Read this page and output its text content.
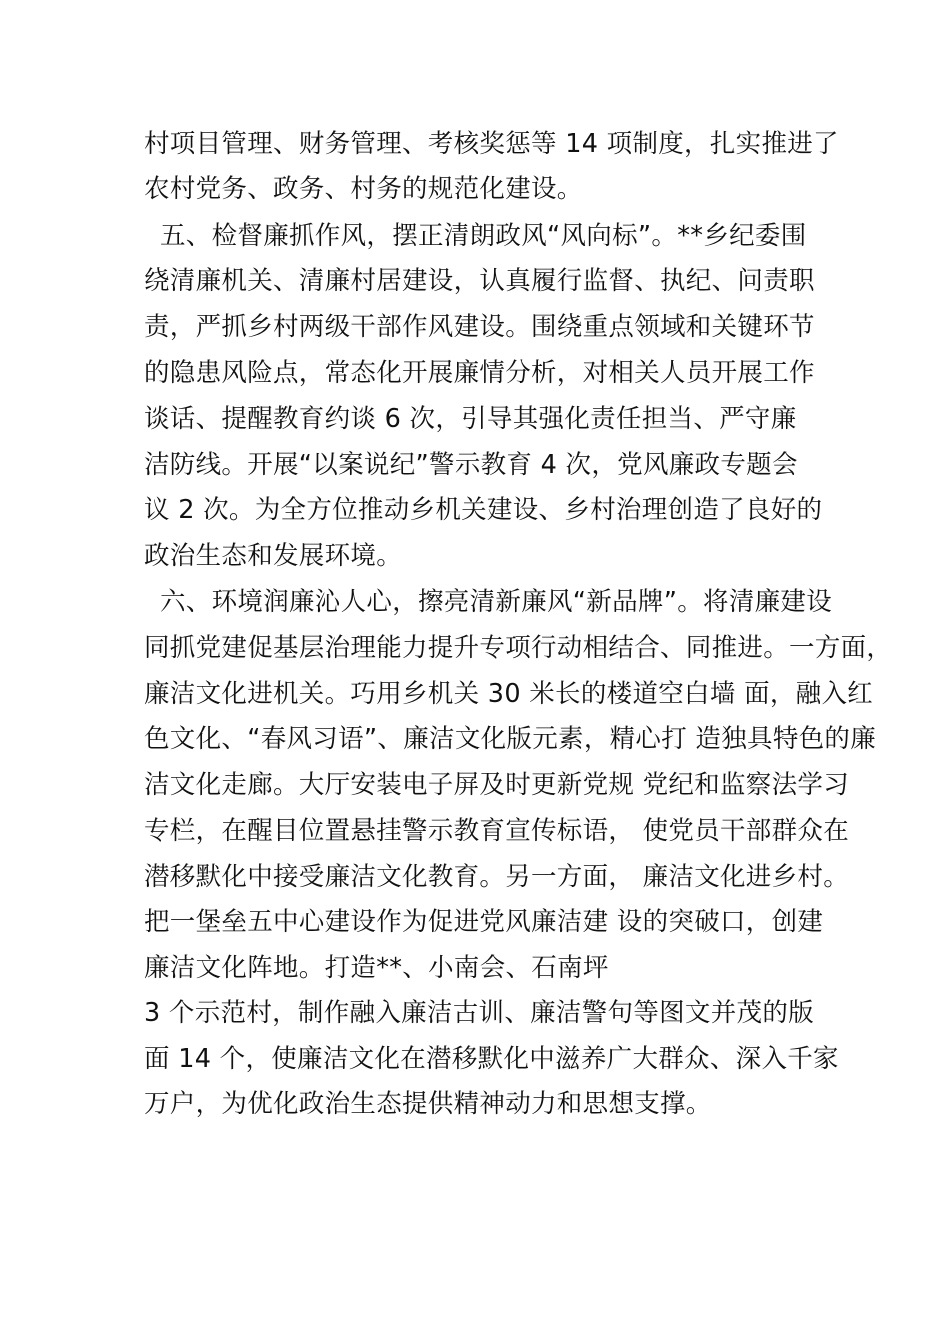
村项目管理、财务管理、考核奖惩等 14 项制度，扎实推进了
农村党务、政务、村务的规范化建设。
五、检督廉抓作风，摆正清朗政风“风向标”。**乡纪委围
绕清廉机关、清廉村居建设，认真履行监督、执纪、问责职
责，严抓乡村两级干部作风建设。围绕重点领域和关键环节
的隐患风险点，常态化开展廉情分析，对相关人员开展工作
谈话、提醒教育约谈 6 次，引导其强化责任担当、严守廉
洁防线。开展“以案说纪”警示教育 4 次，党风廉政专题会
议 2 次。为全方位推动乡机关建设、乡村治理创造了良好的
政治生态和发展环境。
六、环境润廉沁人心，擦亮清新廉风“新品牌”。将清廉建设
同抓党建促基层治理能力提升专项行动相结合、同推进。一方面，
廉洁文化进机关。巧用乡机关 30 米长的楼道空白墙 面，融入红
色文化、“春风习语”、廉洁文化版元素，精心打 造独具特色的廉
洁文化走廊。大厅安装电子屏及时更新党规 党纪和监察法学习
专栏，在醒目位置悬挂警示教育宣传标语， 使党员干部群众在
潜移默化中接受廉洁文化教育。另一方面， 廉洁文化进乡村。
把一堡垒五中心建设作为促进党风廉洁建 设的突破口，创建
廉洁文化阵地。打造**、小南会、石南坪
3 个示范村，制作融入廉洁古训、廉洁警句等图文并茂的版
面 14 个，使廉洁文化在潜移默化中滋养广大群众、深入千家
万户，为优化政治生态提供精神动力和思想支撑。
